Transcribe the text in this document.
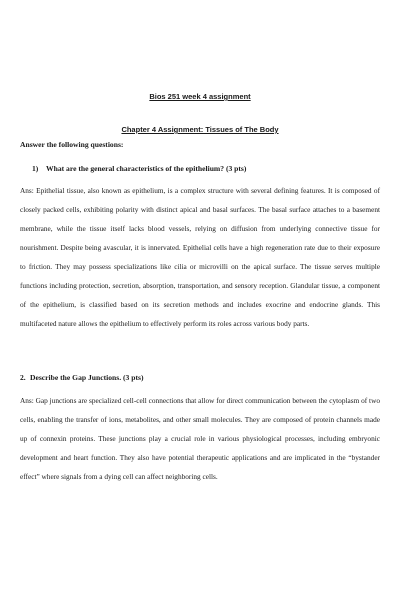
Bios 251 week 4 assignment
Chapter 4 Assignment: Tissues of The Body
Answer the following questions:
1) What are the general characteristics of the epithelium? (3 pts)

Ans: Epithelial tissue, also known as epithelium, is a complex structure with several defining features. It is composed of closely packed cells, exhibiting polarity with distinct apical and basal surfaces. The basal surface attaches to a basement membrane, while the tissue itself lacks blood vessels, relying on diffusion from underlying connective tissue for nourishment. Despite being avascular, it is innervated. Epithelial cells have a high regeneration rate due to their exposure to friction. They may possess specializations like cilia or microvilli on the apical surface. The tissue serves multiple functions including protection, secretion, absorption, transportation, and sensory reception. Glandular tissue, a component of the epithelium, is classified based on its secretion methods and includes exocrine and endocrine glands. This multifaceted nature allows the epithelium to effectively perform its roles across various body parts.

2. Describe the Gap Junctions. (3 pts)

Ans: Gap junctions are specialized cell-cell connections that allow for direct communication between the cytoplasm of two cells, enabling the transfer of ions, metabolites, and other small molecules. They are composed of protein channels made up of connexin proteins. These junctions play a crucial role in various physiological processes, including embryonic development and heart function. They also have potential therapeutic applications and are implicated in the “bystander effect” where signals from a dying cell can affect neighboring cells.
